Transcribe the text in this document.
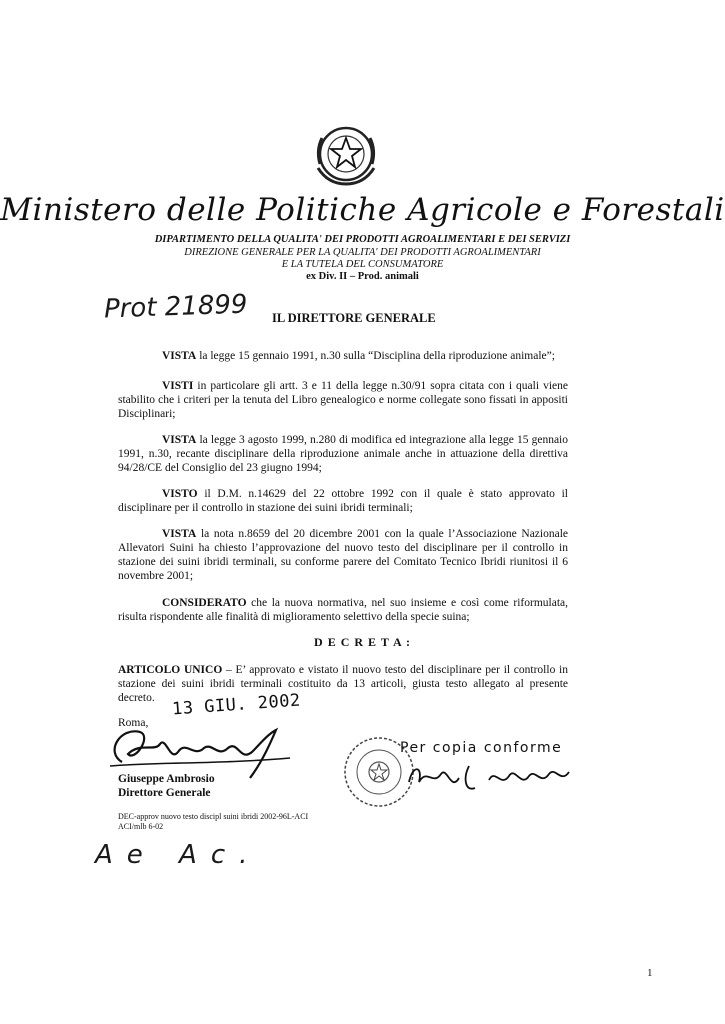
Ministero delle Politiche Agricole e Forestali
DIPARTIMENTO DELLA QUALITA' DEI PRODOTTI AGROALIMENTARI E DEI SERVIZI
DIREZIONE GENERALE PER LA QUALITA' DEI PRODOTTI AGROALIMENTARI
E LA TUTELA DEL CONSUMATORE
ex Div. II – Prod. animali
Prot 21899 IL DIRETTORE GENERALE
VISTA la legge 15 gennaio 1991, n.30 sulla “Disciplina della riproduzione animale”;
VISTI in particolare gli artt. 3 e 11 della legge n.30/91 sopra citata con i quali viene stabilito che i criteri per la tenuta del Libro genealogico e norme collegate sono fissati in appositi Disciplinari;
VISTA la legge 3 agosto 1999, n.280 di modifica ed integrazione alla legge 15 gennaio 1991, n.30, recante disciplinare della riproduzione animale anche in attuazione della direttiva 94/28/CE del Consiglio del 23 giugno 1994;
VISTO il D.M. n.14629 del 22 ottobre 1992 con il quale è stato approvato il disciplinare per il controllo in stazione dei suini ibridi terminali;
VISTA la nota n.8659 del 20 dicembre 2001 con la quale l’Associazione Nazionale Allevatori Suini ha chiesto l’approvazione del nuovo testo del disciplinare per il controllo in stazione dei suini ibridi terminali, su conforme parere del Comitato Tecnico Ibridi riunitosi il 6 novembre 2001;
CONSIDERATO che la nuova normativa, nel suo insieme e così come riformulata, risulta rispondente alle finalità di miglioramento selettivo della specie suina;
D E C R E T A :
ARTICOLO UNICO – E’ approvato e vistato il nuovo testo del disciplinare per il controllo in stazione dei suini ibridi terminali costituito da 13 articoli, giusta testo allegato al presente decreto. 13 GIU. 2002
Roma,
Giuseppe Ambrosio
Direttore Generale
Per copia conforme
DEC-approv nuovo testo discipl suini ibridi 2002-96L-ACI
ACI/mlb 6-02
Ae Ac.
1
